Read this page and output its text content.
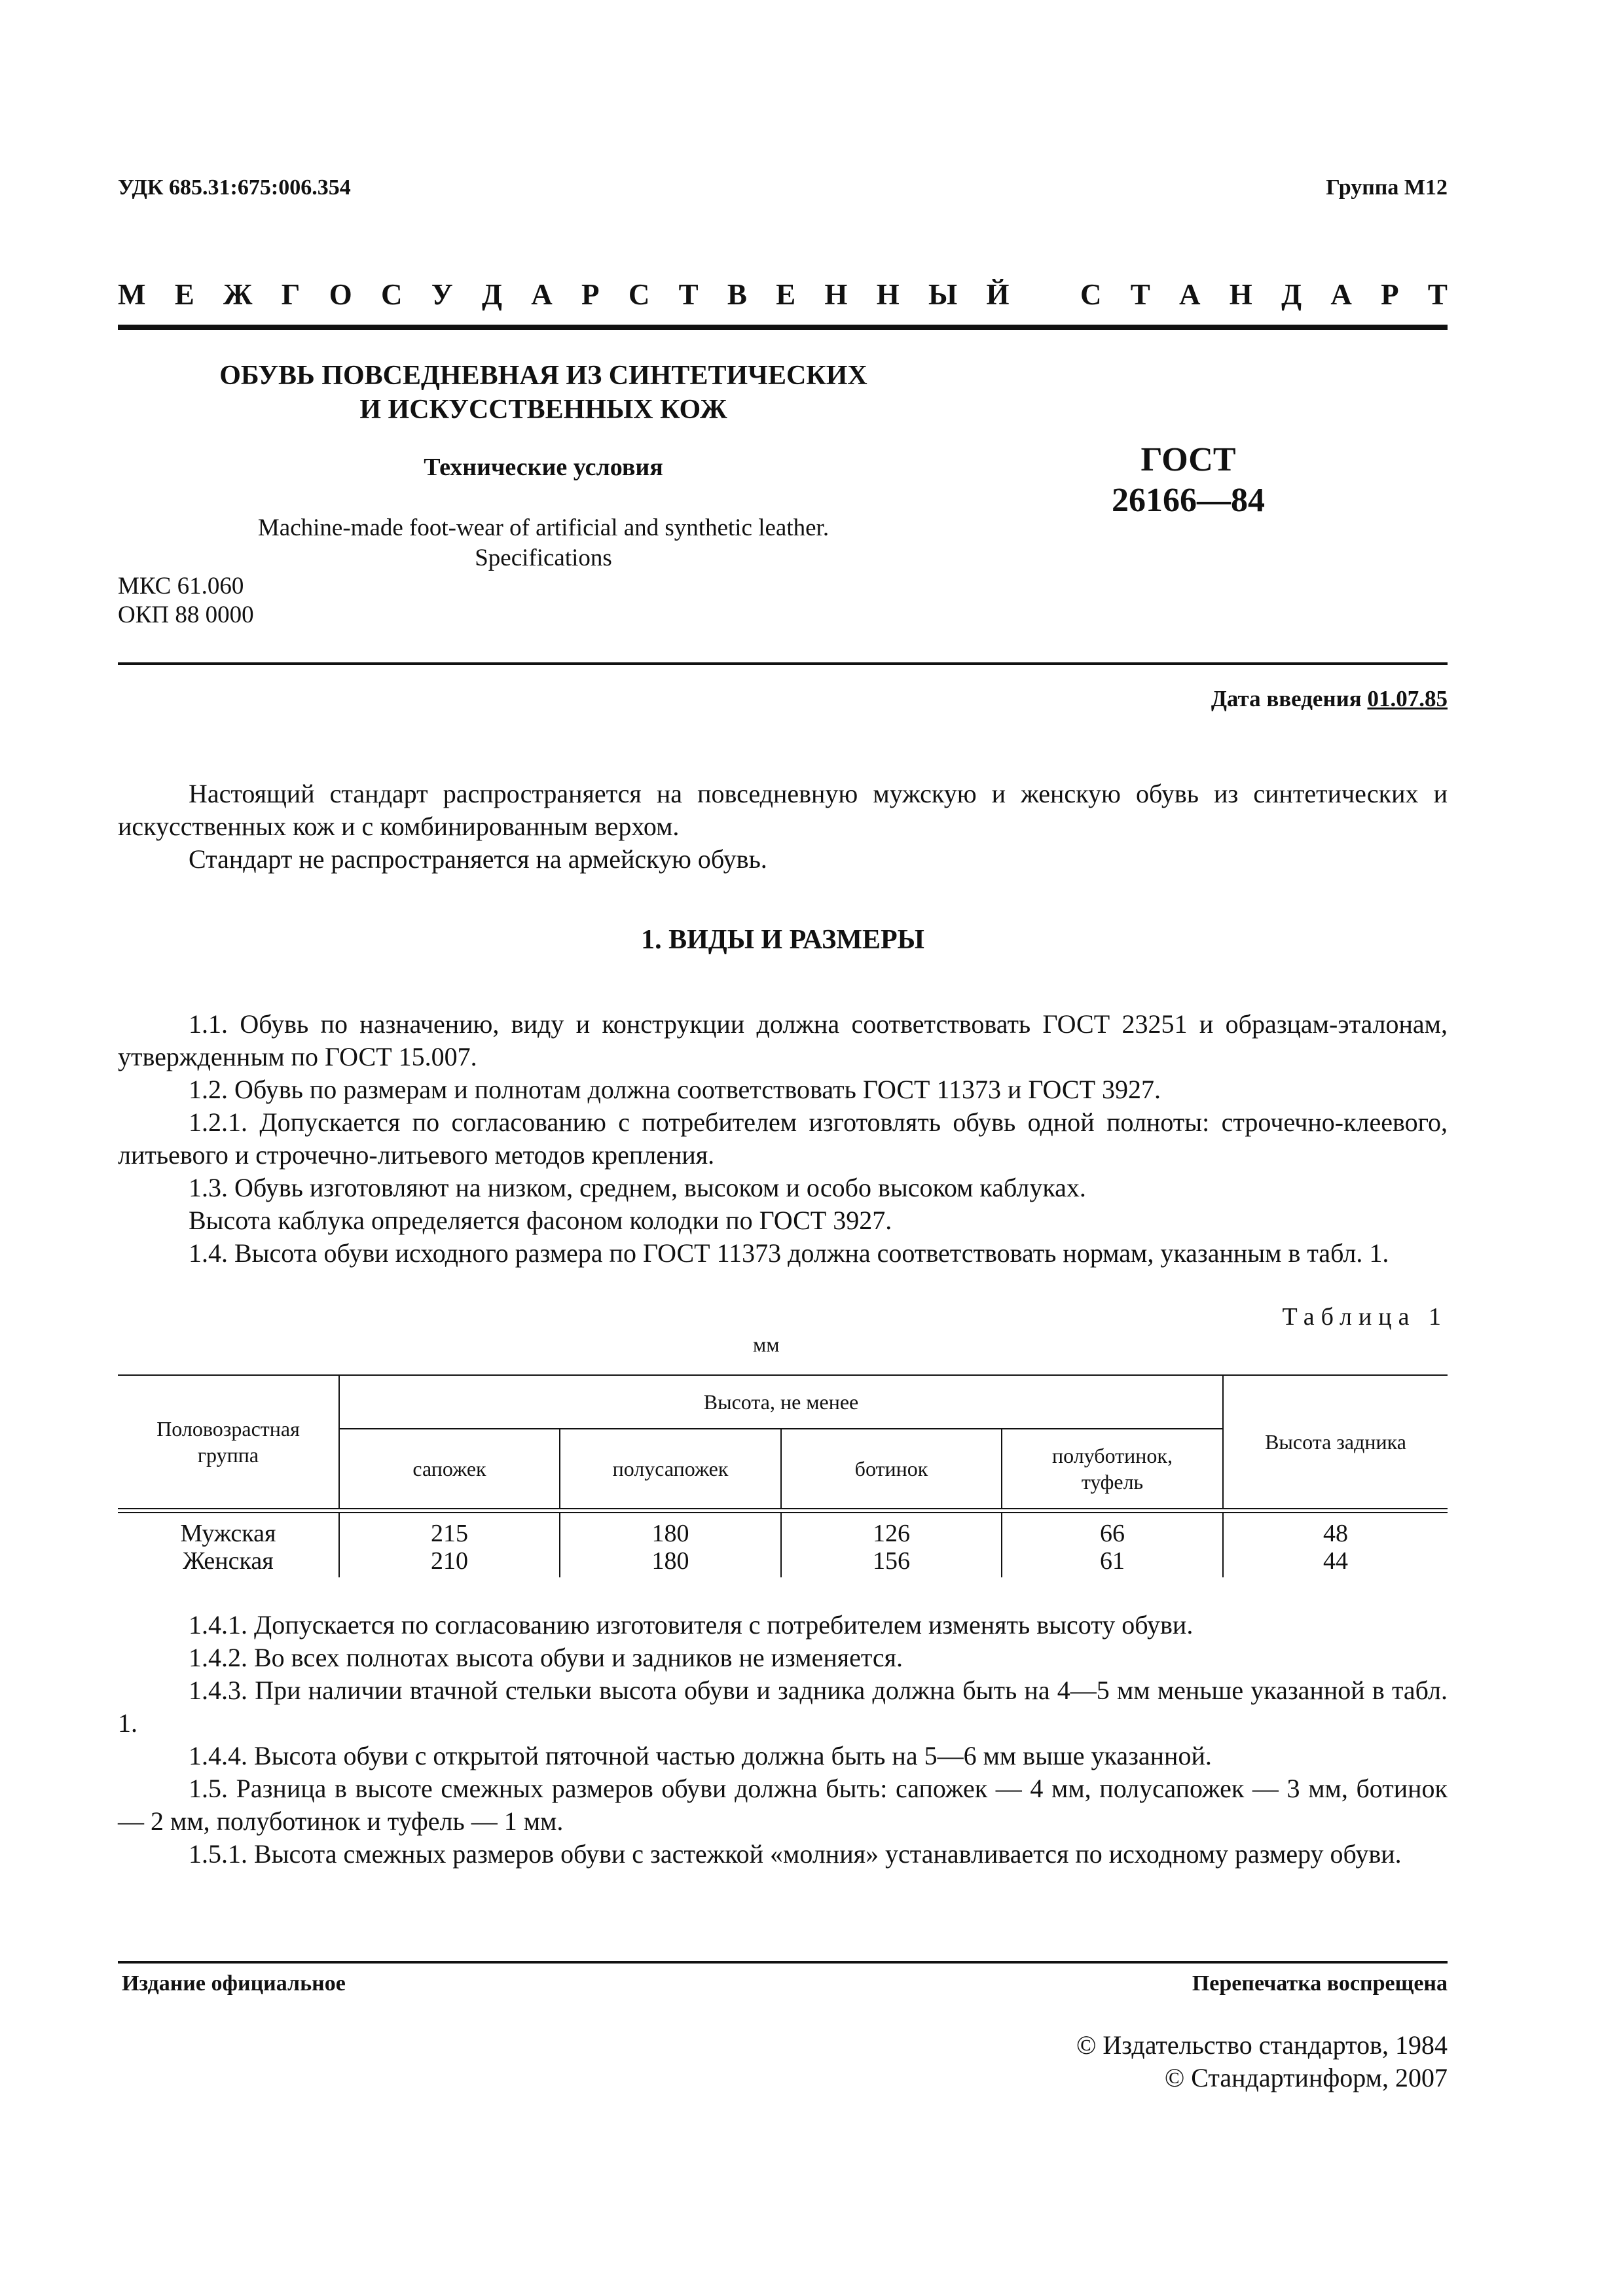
УДК 685.31:675:006.354	Группа М12
М Е Ж Г О С У Д А Р С Т В Е Н Н Ы Й С Т А Н Д А Р Т
ОБУВЬ ПОВСЕДНЕВНАЯ ИЗ СИНТЕТИЧЕСКИХ
И ИСКУССТВЕННЫХ КОЖ
Технические условия	ГОСТ
26166—84
Machine-made foot-wear of artificial and synthetic leather.
Specifications
МКС 61.060
ОКП 88 0000
Дата введения 01.07.85

Настоящий стандарт распространяется на повседневную мужскую и женскую обувь из синтетических и искусственных кож и с комбинированным верхом.

Стандарт не распространяется на армейскую обувь.

1. ВИДЫ И РАЗМЕРЫ

1.1. Обувь по назначению, виду и конструкции должна соответствовать ГОСТ 23251 и образцам-эталонам, утвержденным по ГОСТ 15.007.

1.2. Обувь по размерам и полнотам должна соответствовать ГОСТ 11373 и ГОСТ 3927.

1.2.1. Допускается по согласованию с потребителем изготовлять обувь одной полноты: строчечно-клеевого, литьевого и строчечно-литьевого методов крепления.

1.3. Обувь изготовляют на низком, среднем, высоком и особо высоком каблуках.

Высота каблука определяется фасоном колодки по ГОСТ 3927.

1.4. Высота обуви исходного размера по ГОСТ 11373 должна соответствовать нормам, указанным в табл. 1.

Таблица 1
мм
Половозрастная группа	Высота, не менее				Высота задника
	сапожек	полусапожек	ботинок	полуботинок, туфель	

Мужская	215	180	126	66	48
Женская	210	180	156	61	44

1.4.1. Допускается по согласованию изготовителя с потребителем изменять высоту обуви.

1.4.2. Во всех полнотах высота обуви и задников не изменяется.

1.4.3. При наличии втачной стельки высота обуви и задника должна быть на 4—5 мм меньше указанной в табл. 1.

1.4.4. Высота обуви с открытой пяточной частью должна быть на 5—6 мм выше указанной.

1.5. Разница в высоте смежных размеров обуви должна быть: сапожек — 4 мм, полусапожек — 3 мм, ботинок — 2 мм, полуботинок и туфель — 1 мм.

1.5.1. Высота смежных размеров обуви с застежкой «молния» устанавливается по исходному размеру обуви.

Издание официальное	Перепечатка воспрещена
© Издательство стандартов, 1984
© Стандартинформ, 2007
